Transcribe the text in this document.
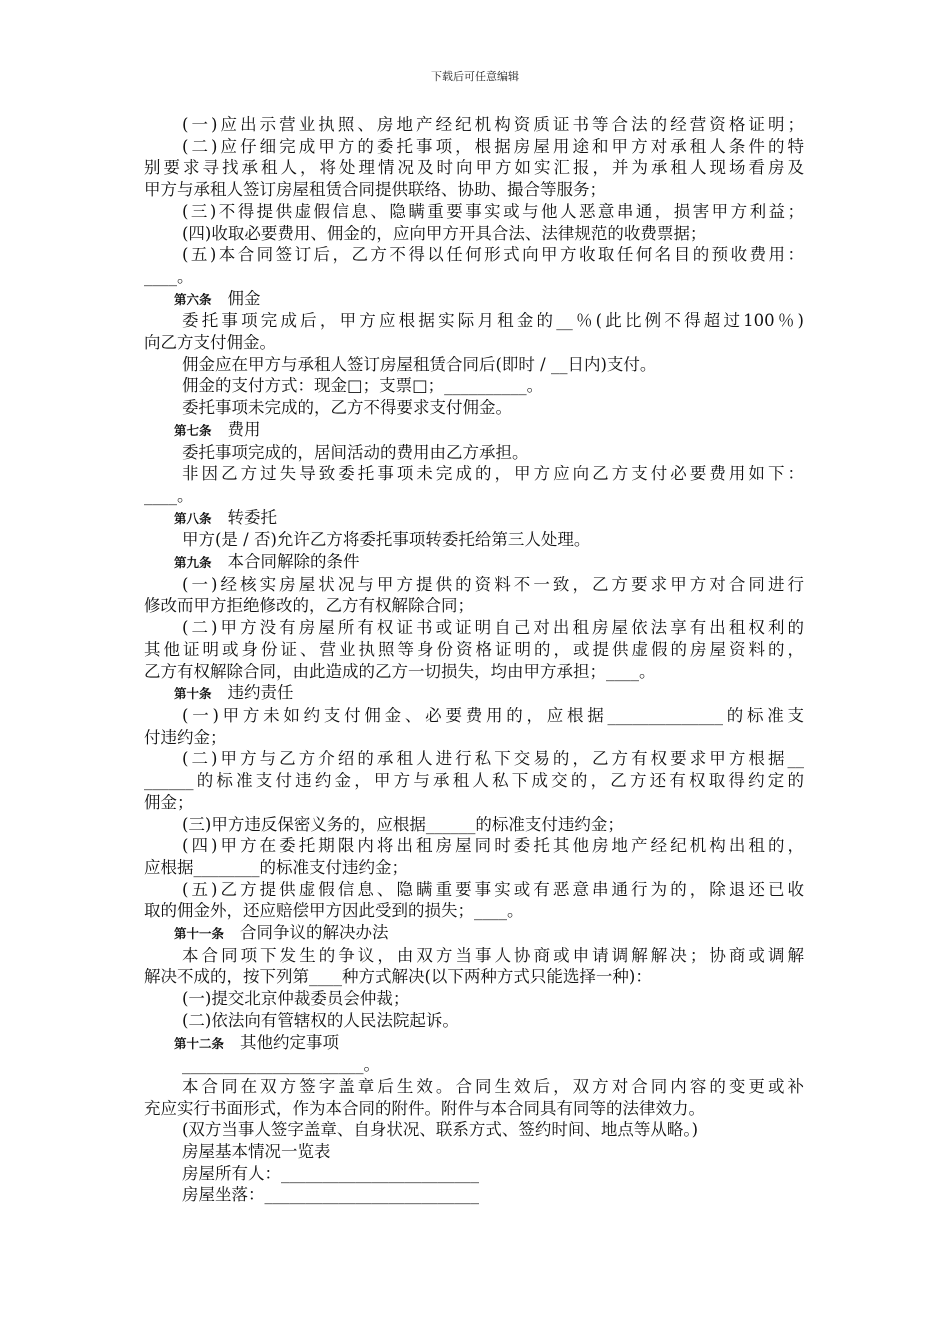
下载后可任意编辑
(一)应出示营业执照、房地产经纪机构资质证书等合法的经营资格证明；
(二)应仔细完成甲方的委托事项，根据房屋用途和甲方对承租人条件的特
别要求寻找承租人，将处理情况及时向甲方如实汇报，并为承租人现场看房及
甲方与承租人签订房屋租赁合同提供联络、协助、撮合等服务；
(三)不得提供虚假信息、隐瞒重要事实或与他人恶意串通，损害甲方利益；
(四)收取必要费用、佣金的，应向甲方开具合法、法律规范的收费票据；
(五)本合同签订后，乙方不得以任何形式向甲方收取任何名目的预收费用：
____。
第六条 佣金
委托事项完成后，甲方应根据实际月租金的__％(此比例不得超过100％)
向乙方支付佣金。
佣金应在甲方与承租人签订房屋租赁合同后(即时 / __日内)支付。
佣金的支付方式：现金□；支票□；__________。
委托事项未完成的，乙方不得要求支付佣金。
第七条 费用
委托事项完成的，居间活动的费用由乙方承担。
非因乙方过失导致委托事项未完成的，甲方应向乙方支付必要费用如下：
____。
第八条 转委托
甲方(是 / 否)允许乙方将委托事项转委托给第三人处理。
第九条 本合同解除的条件
(一)经核实房屋状况与甲方提供的资料不一致，乙方要求甲方对合同进行
修改而甲方拒绝修改的，乙方有权解除合同；
(二)甲方没有房屋所有权证书或证明自己对出租房屋依法享有出租权利的
其他证明或身份证、营业执照等身份资格证明的，或提供虚假的房屋资料的，
乙方有权解除合同，由此造成的乙方一切损失，均由甲方承担；____。
第十条 违约责任
(一)甲方未如约支付佣金、必要费用的，应根据______________的标准支
付违约金；
(二)甲方与乙方介绍的承租人进行私下交易的，乙方有权要求甲方根据__
______的标准支付违约金，甲方与承租人私下成交的，乙方还有权取得约定的
佣金；
(三)甲方违反保密义务的，应根据______的标准支付违约金；
(四)甲方在委托期限内将出租房屋同时委托其他房地产经纪机构出租的，
应根据________的标准支付违约金；
(五)乙方提供虚假信息、隐瞒重要事实或有恶意串通行为的，除退还已收
取的佣金外，还应赔偿甲方因此受到的损失；____。
第十一条 合同争议的解决办法
本合同项下发生的争议，由双方当事人协商或申请调解解决；协商或调解
解决不成的，按下列第____种方式解决(以下两种方式只能选择一种)：
(一)提交北京仲裁委员会仲裁；
(二)依法向有管辖权的人民法院起诉。
第十二条 其他约定事项
______________________。
本合同在双方签字盖章后生效。合同生效后，双方对合同内容的变更或补
充应实行书面形式，作为本合同的附件。附件与本合同具有同等的法律效力。
(双方当事人签字盖章、自身状况、联系方式、签约时间、地点等从略。)
房屋基本情况一览表
房屋所有人：________________________
房屋坐落：__________________________
